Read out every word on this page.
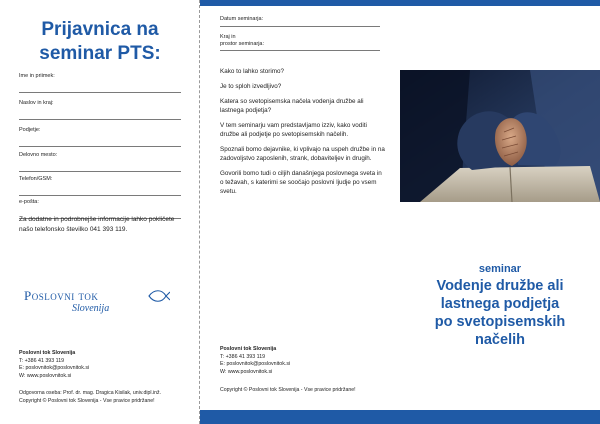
Prijavnica na
seminar PTS:
Ime in priimek:
Naslov in kraj:
Podjetje:
Delovno mesto:
Telefon/GSM:
e-pošta:
Za dodatne in podrobnejše informacije lahko pokličete našo telefonsko številko 041 393 119.
Poslovni tok
Slovenija
Poslovni tok Slovenija
T: +386 41 393 119
E: poslovnitok@poslovnitok.si
W: www.poslovnitok.si
Odgovorna oseba: Prof. dr. mag. Dragica Kisilak, univ.dipl.inž.
Copyright © Poslovni tok Slovenija - Vse pravice pridržane!
Datum seminarja:
Kraj in
prostor seminarja:

Kako to lahko storimo?

Je to sploh izvedljivo?

Katera so svetopisemska načela vodenja družbe ali lastnega podjetja?

V tem seminarju vam predstavljamo izziv, kako voditi družbe ali podjetje po svetopisemskih načelih.

Spoznali bomo dejavnike, ki vplivajo na uspeh družbe in na zadovoljstvo zaposlenih, strank, dobaviteljev in drugih.

Govorili bomo tudi o ciljih današnjega poslovnega sveta in o težavah, s katerimi se soočajo poslovni ljudje po vsem svetu.

Poslovni tok Slovenija
T: +386 41 393 119
E: poslovnitok@poslovnitok.si
W: www.poslovnitok.si
Copyright © Poslovni tok Slovenija - Vse pravice pridržane!
seminar
Vodenje družbe ali
lastnega podjetja
po svetopisemskih
načelih
